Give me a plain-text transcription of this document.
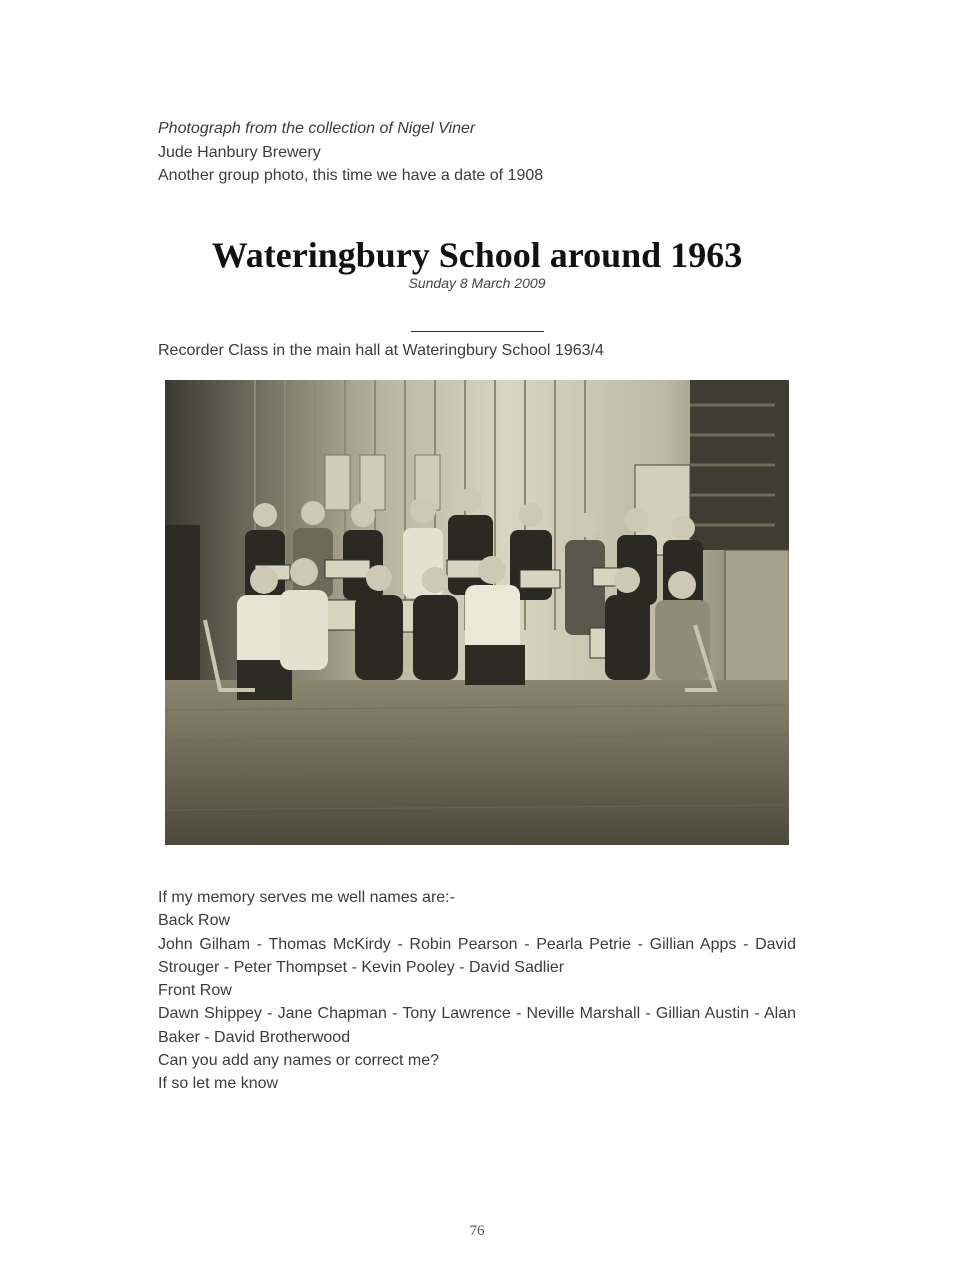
Photograph from the collection of Nigel Viner
Jude Hanbury Brewery
Another group photo, this time we have a date of 1908
Wateringbury School around 1963
Sunday 8 March 2009
Recorder Class in the main hall at Wateringbury School 1963/4

If my memory serves me well names are:-

Back Row

John Gilham - Thomas McKirdy - Robin Pearson - Pearla Petrie - Gillian Apps - David Strouger - Peter Thompset - Kevin Pooley - David Sadlier

Front Row

Dawn Shippey - Jane Chapman - Tony Lawrence - Neville Marshall - Gillian Austin - Alan Baker - David Brotherwood

Can you add any names or correct me?

If so let me know

76
